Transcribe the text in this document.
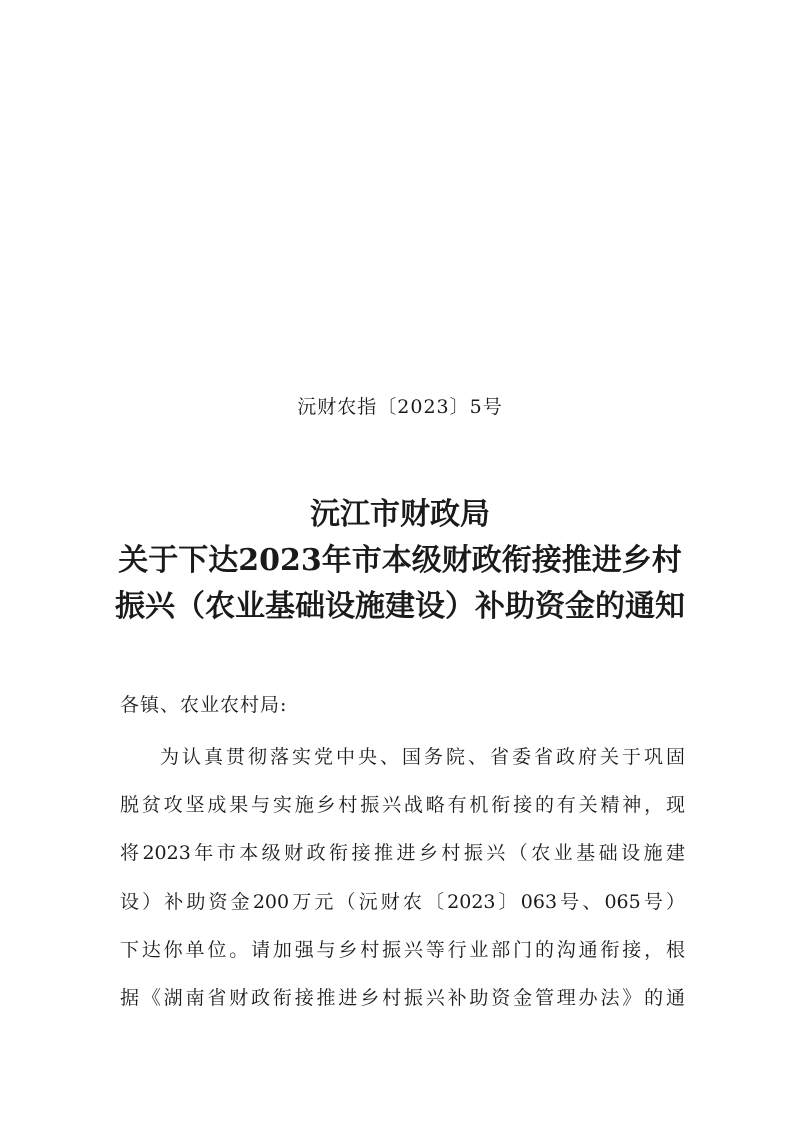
沅财农指〔2023〕5号
沅江市财政局
关于下达2023年市本级财政衔接推进乡村
振兴（农业基础设施建设）补助资金的通知
各镇、农业农村局:
为认真贯彻落实党中央、国务院、省委省政府关于巩固
脱贫攻坚成果与实施乡村振兴战略有机衔接的有关精神，现
将2023年市本级财政衔接推进乡村振兴（农业基础设施建
设）补助资金200万元（沅财农〔2023〕063号、065号）
下达你单位。请加强与乡村振兴等行业部门的沟通衔接，根
据《湖南省财政衔接推进乡村振兴补助资金管理办法》的通
